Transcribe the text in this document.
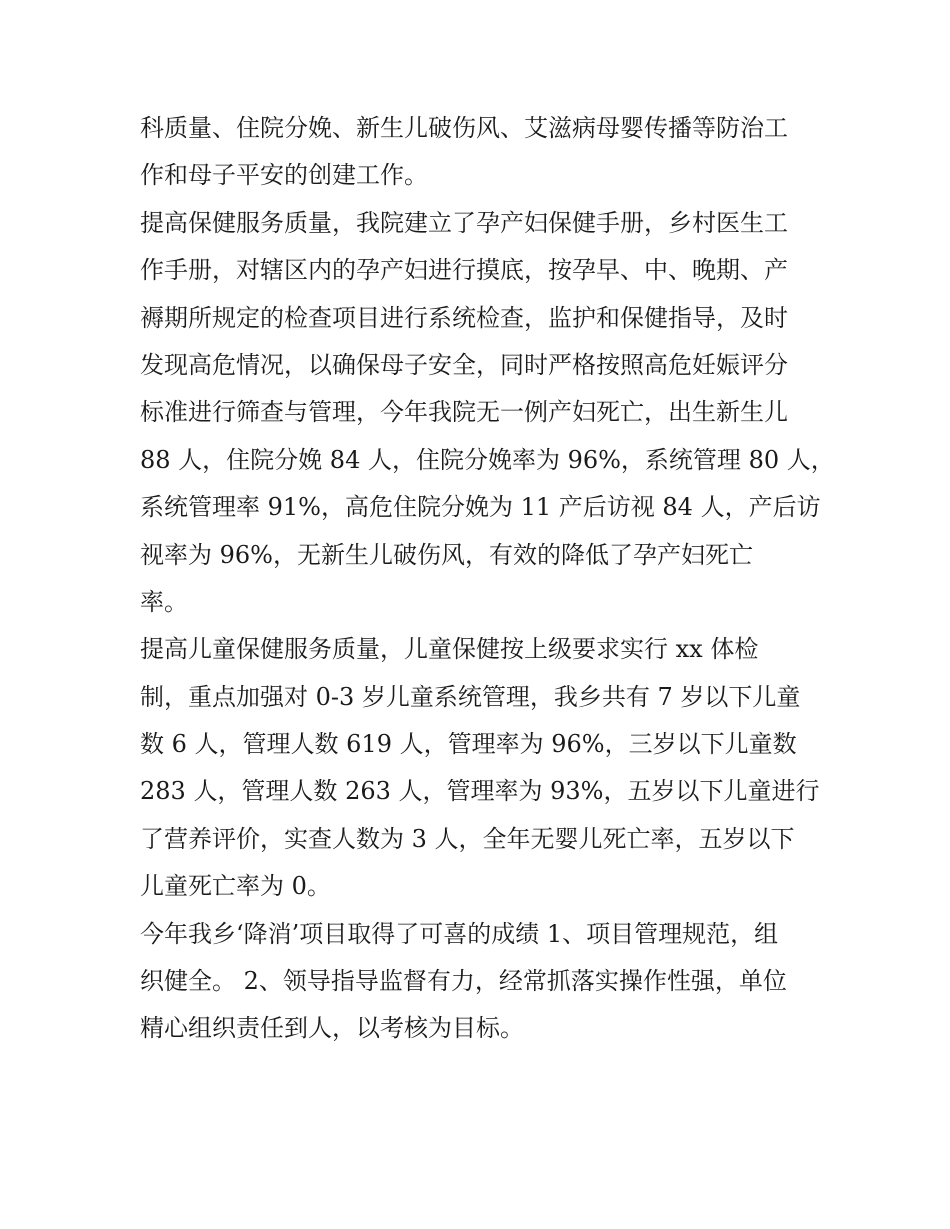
科质量、住院分娩、新生儿破伤风、艾滋病母婴传播等防治工
作和母子平安的创建工作。
提高保健服务质量，我院建立了孕产妇保健手册，乡村医生工
作手册，对辖区内的孕产妇进行摸底，按孕早、中、晚期、产
褥期所规定的检查项目进行系统检查，监护和保健指导，及时
发现高危情况，以确保母子安全，同时严格按照高危妊娠评分
标准进行筛查与管理，今年我院无一例产妇死亡，出生新生儿
88 人，住院分娩 84 人，住院分娩率为 96%，系统管理 80 人，
系统管理率 91%，高危住院分娩为 11 产后访视 84 人，产后访
视率为 96%，无新生儿破伤风，有效的降低了孕产妇死亡
率。
提高儿童保健服务质量，儿童保健按上级要求实行 xx 体检
制，重点加强对 0-3 岁儿童系统管理，我乡共有 7 岁以下儿童
数 6 人，管理人数 619 人，管理率为 96%，三岁以下儿童数
283 人，管理人数 263 人，管理率为 93%，五岁以下儿童进行
了营养评价，实查人数为 3 人，全年无婴儿死亡率，五岁以下
儿童死亡率为 0。
今年我乡‘降消’项目取得了可喜的成绩 1、项目管理规范，组
织健全。 2、领导指导监督有力，经常抓落实操作性强，单位
精心组织责任到人，以考核为目标。
